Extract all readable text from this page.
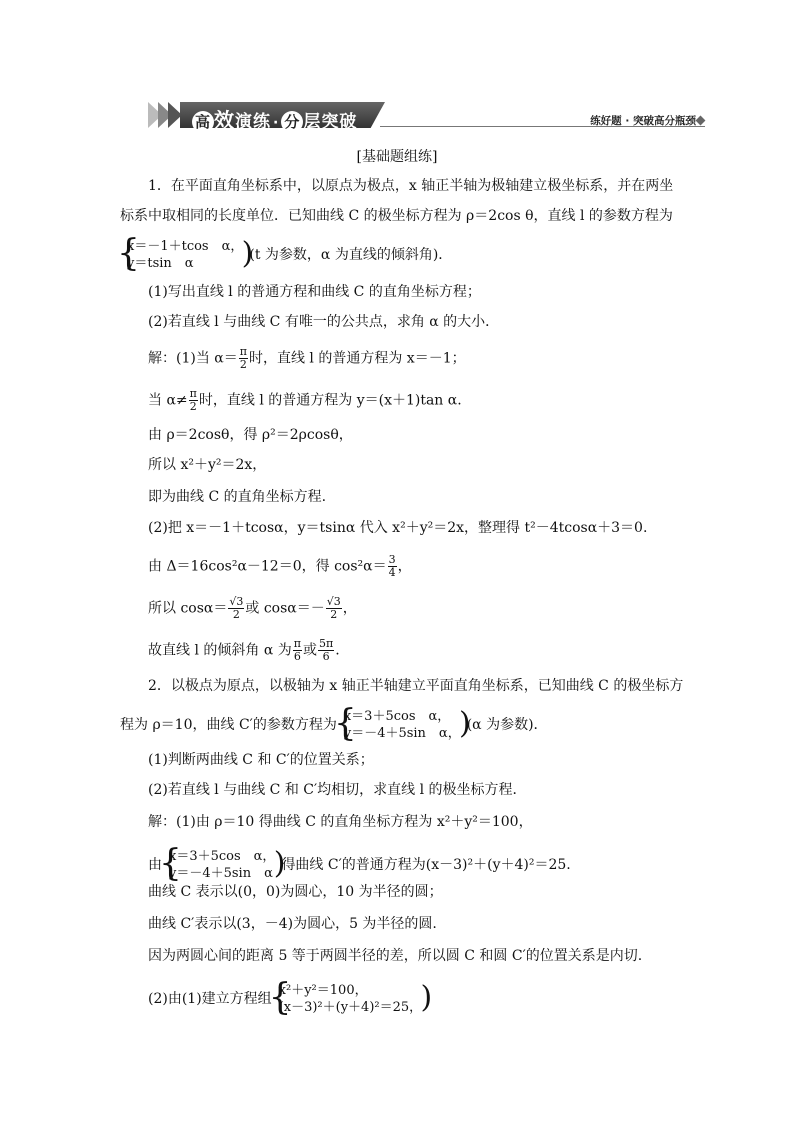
高 效演练 · 分 层突破	练好题 · 突破高分瓶颈
[基础题组练]
1．在平面直角坐标系中，以原点为极点，x 轴正半轴为极轴建立极坐标系，并在两坐
标系中取相同的长度单位．已知曲线 C 的极坐标方程为 ρ＝2cos θ，直线 l 的参数方程为
{ x＝－1＋tcos　α，
y＝tsin　α
)(t 为参数，α 为直线的倾斜角)．
(1)写出直线 l 的普通方程和曲线 C 的直角坐标方程；
(2)若直线 l 与曲线 C 有唯一的公共点，求角 α 的大小．
解：(1)当 $\alpha= \frac{\pi}{2}$ 时，直线 l 的普通方程为 x＝－1；
当 $\alpha\ne \frac{\pi}{2}$ 时，直线 l 的普通方程为 y＝(x＋1)tan α.
由 ρ＝2cosθ，得 ρ²＝2ρcosθ，
所以 x²＋y²＝2x，
即为曲线 C 的直角坐标方程.
(2)把 x＝－1＋tcosα，y＝tsinα 代入 x²＋y²＝2x，整理得 t²－4tcosα＋3＝0.
由 Δ＝16cos²α－12＝0，得 $\cos^2\alpha= \frac{3}{4}$ ，
所以 $\cos\alpha= \frac{√3}{2}$ 或 $\cos\alpha=- \frac{√3}{2}$ ，
故直线 l 的倾斜角 α 为 $\frac{\pi}{6}$ 或 $\frac{5\pi}{6}$ .
2．以极点为原点，以极轴为 x 轴正半轴建立平面直角坐标系，已知曲线 C 的极坐标方
程为 ρ＝10，曲线 C′的参数方程为
{ x＝3＋5cos　α，
y＝－4＋5sin　α，
)(α 为参数)．
(1)判断两曲线 C 和 C′的位置关系；
(2)若直线 l 与曲线 C 和 C′均相切，求直线 l 的极坐标方程．
解：(1)由 ρ＝10 得曲线 C 的直角坐标方程为 x²＋y²＝100，
由
{ x＝3＋5cos　α，
y＝－4＋5sin　α
)得曲线 C′的普通方程为(x－3)²＋(y＋4)²＝25.
曲线 C 表示以(0，0)为圆心，10 为半径的圆；
曲线 C′表示以(3，－4)为圆心，5 为半径的圆.
因为两圆心间的距离 5 等于两圆半径的差，所以圆 C 和圆 C′的位置关系是内切.
(2)由(1)建立方程组
{ x²＋y²＝100，
(x－3)²＋(y＋4)²＝25，
)
